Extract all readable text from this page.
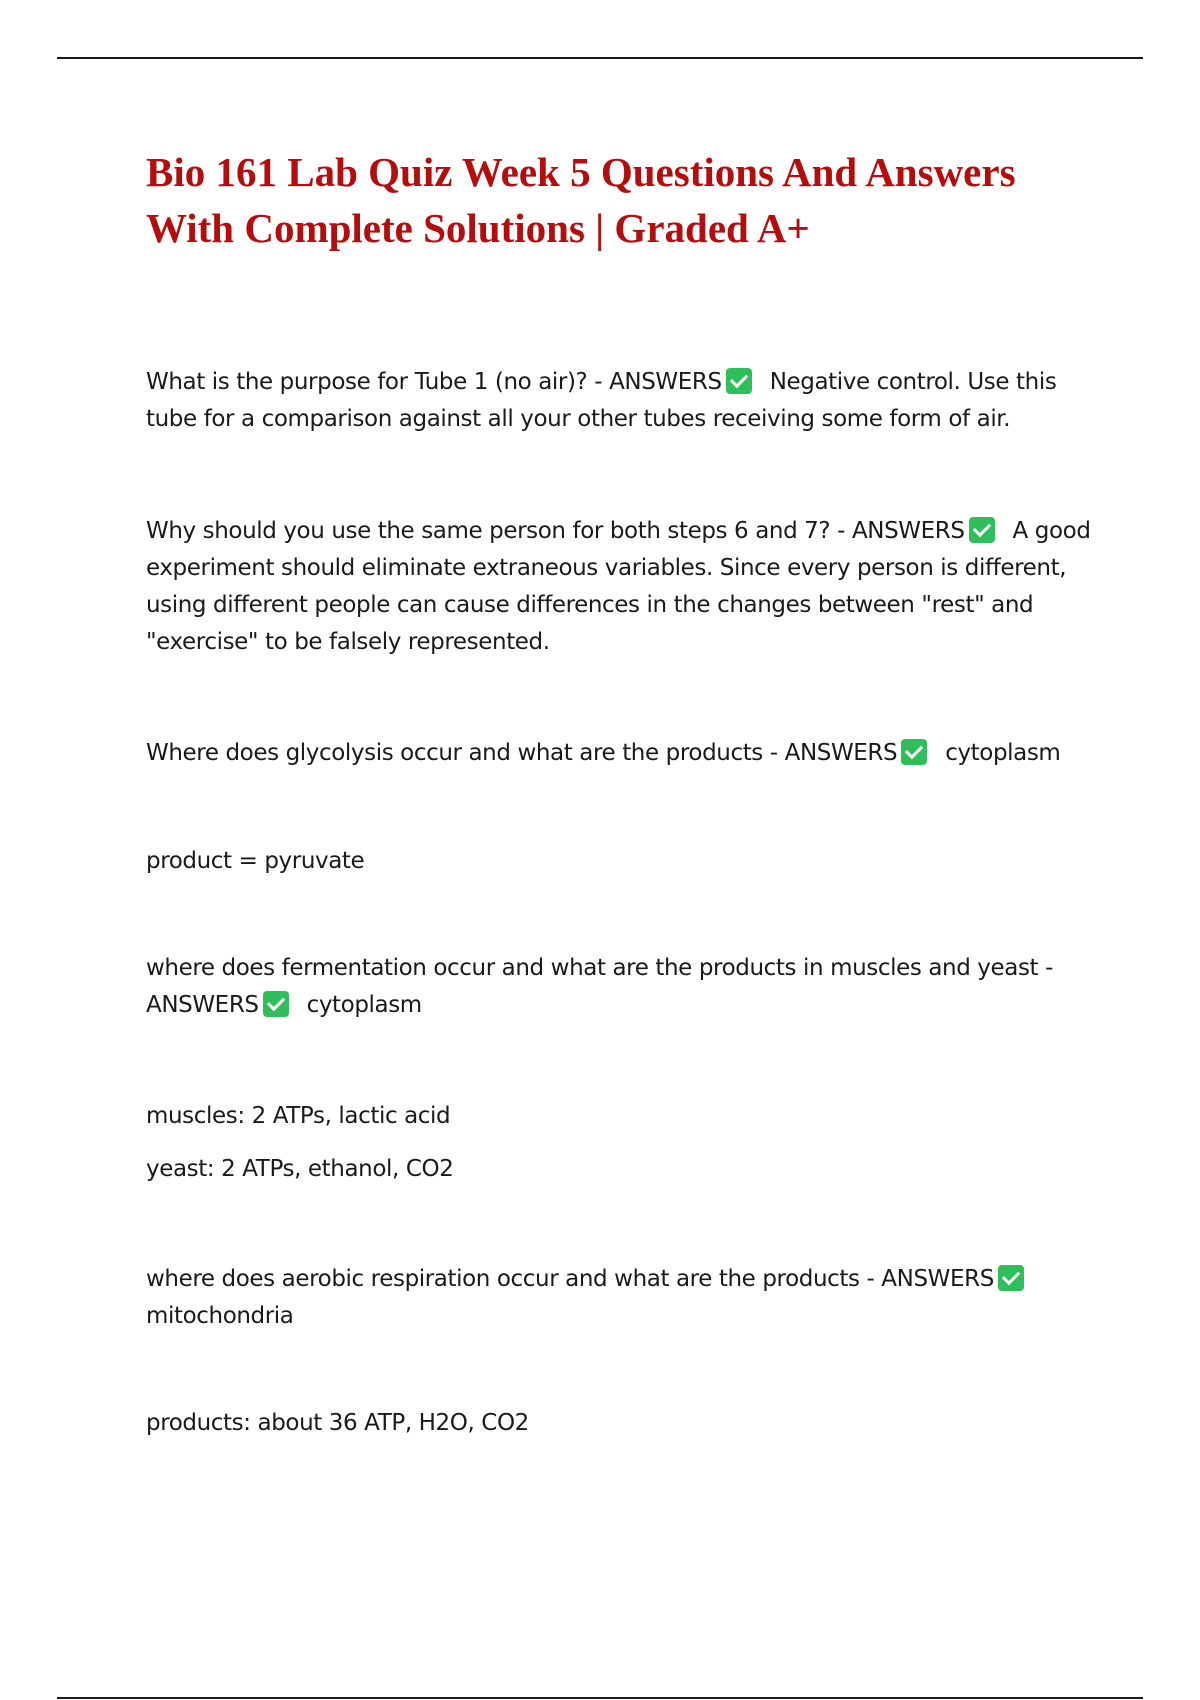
Bio 161 Lab Quiz Week 5 Questions And Answers With Complete Solutions | Graded A+

What is the purpose for Tube 1 (no air)? - ANSWERS Negative control. Use this tube for a comparison against all your other tubes receiving some form of air.

Why should you use the same person for both steps 6 and 7? - ANSWERS A good experiment should eliminate extraneous variables. Since every person is different, using different people can cause differences in the changes between "rest" and "exercise" to be falsely represented.

Where does glycolysis occur and what are the products - ANSWERS cytoplasm

product = pyruvate

where does fermentation occur and what are the products in muscles and yeast - ANSWERS cytoplasm

muscles: 2 ATPs, lactic acid

yeast: 2 ATPs, ethanol, CO2

where does aerobic respiration occur and what are the products - ANSWERSmitochondria

products: about 36 ATP, H2O, CO2
